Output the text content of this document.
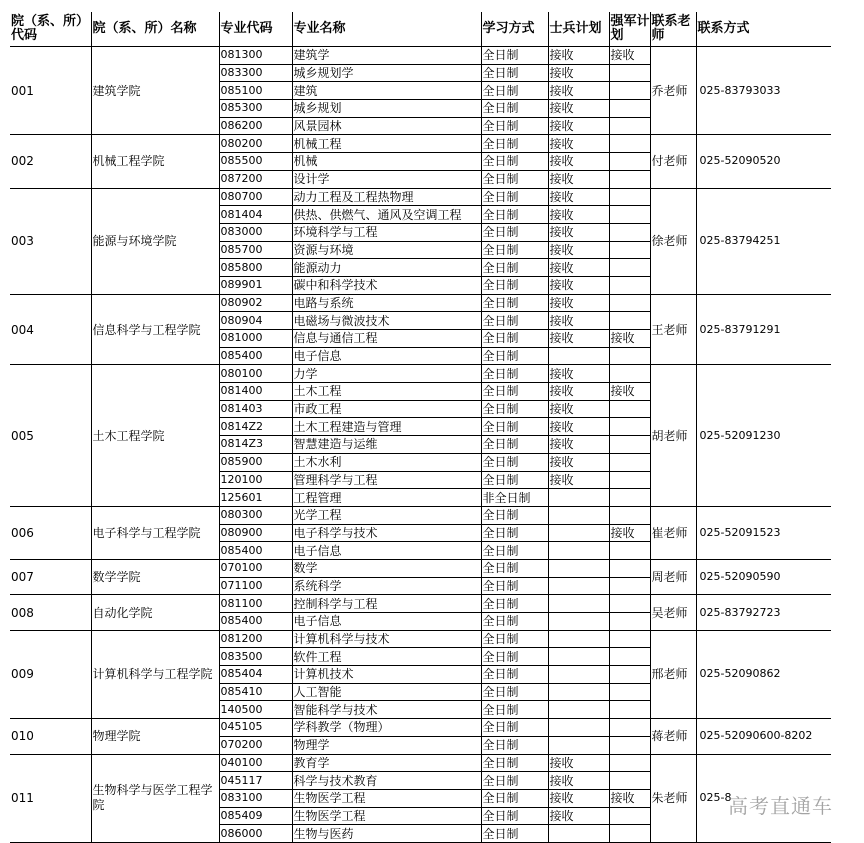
院（系、所）代码	院（系、所）名称	专业代码	专业名称	学习方式	士兵计划	强军计划	联系老师	联系方式
001	建筑学院	081300	建筑学	全日制	接收	接收	乔老师	025-83793033
		083300	城乡规划学	全日制	接收			
		085100	建筑	全日制	接收			
		085300	城乡规划	全日制	接收			
		086200	风景园林	全日制	接收			
002	机械工程学院	080200	机械工程	全日制	接收		付老师	025-52090520
		085500	机械	全日制	接收			
		087200	设计学	全日制	接收			
003	能源与环境学院	080700	动力工程及工程热物理	全日制	接收		徐老师	025-83794251
		081404	供热、供燃气、通风及空调工程	全日制	接收			
		083000	环境科学与工程	全日制	接收			
		085700	资源与环境	全日制	接收			
		085800	能源动力	全日制	接收			
		089901	碳中和科学技术	全日制	接收			
004	信息科学与工程学院	080902	电路与系统	全日制	接收		王老师	025-83791291
		080904	电磁场与微波技术	全日制	接收			
		081000	信息与通信工程	全日制	接收	接收		
		085400	电子信息	全日制				
005	土木工程学院	080100	力学	全日制	接收		胡老师	025-52091230
		081400	土木工程	全日制	接收	接收		
		081403	市政工程	全日制	接收			
		0814Z2	土木工程建造与管理	全日制	接收			
		0814Z3	智慧建造与运维	全日制	接收			
		085900	土木水利	全日制	接收			
		120100	管理科学与工程	全日制	接收			
		125601	工程管理	非全日制				
006	电子科学与工程学院	080300	光学工程	全日制			崔老师	025-52091523
		080900	电子科学与技术	全日制		接收		
		085400	电子信息	全日制				
007	数学学院	070100	数学	全日制			周老师	025-52090590
		071100	系统科学	全日制				
008	自动化学院	081100	控制科学与工程	全日制			吴老师	025-83792723
		085400	电子信息	全日制				
009	计算机科学与工程学院	081200	计算机科学与技术	全日制			邢老师	025-52090862
		083500	软件工程	全日制				
		085404	计算机技术	全日制				
		085410	人工智能	全日制				
		140500	智能科学与技术	全日制				
010	物理学院	045105	学科教学（物理）	全日制			蒋老师	025-52090600-8202
		070200	物理学	全日制				
011	生物科学与医学工程学院	040100	教育学	全日制	接收		朱老师	025-8
		045117	科学与技术教育	全日制	接收			
		083100	生物医学工程	全日制	接收	接收		
		085409	生物医学工程	全日制	接收			
		086000	生物与医药	全日制				
高考直通车
